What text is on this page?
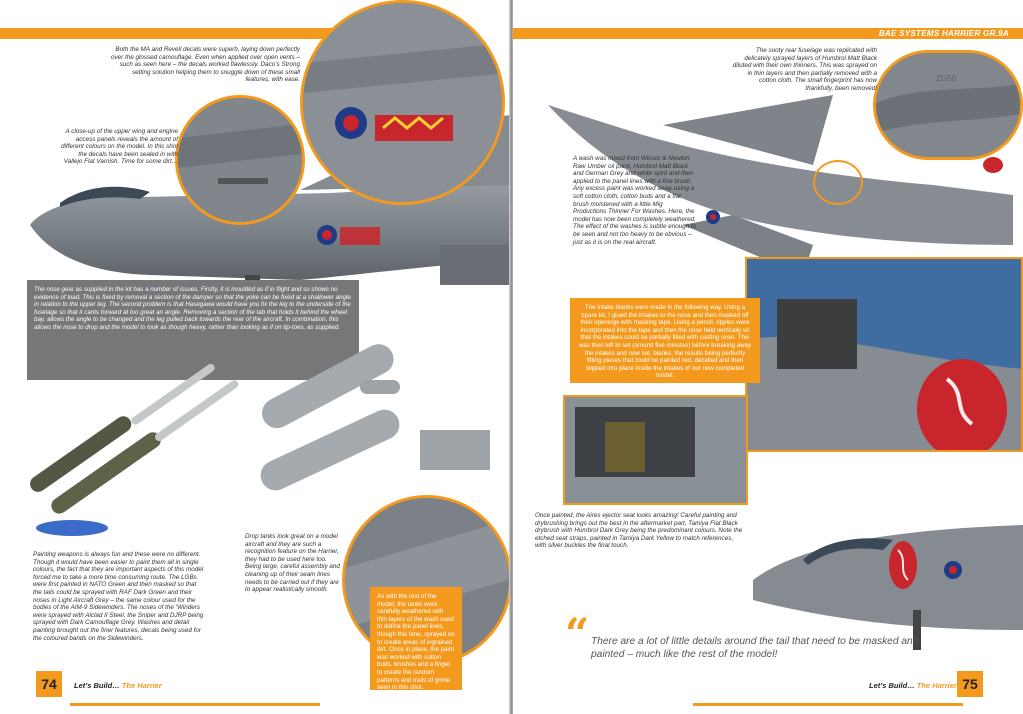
Both the MA and Revell decals were superb, laying down perfectly over the glossed camouflage. Even when applied over open vents – such as seen here – the decals worked flawlessly. Daco’s Strong setting solution helping them to snuggle down of these small features, with ease.

A close-up of the upper wing and engine access panels reveals the amount of different colours on the model. In this shot the decals have been sealed in with Vallejo Flat Varnish. Time for some dirt…

The nose gear as supplied in the kit has a number of issues. Firstly, it is moulded as if in flight and so shows no evidence of load. This is fixed by removal a section of the damper so that the yoke can be fixed at a shallower angle in relation to the upper leg. The second problem is that Hasegawa would have you fix the leg to the underside of the fuselage so that it cants forward at too great an angle. Removing a section of the tab that holds it behind the wheel bay, allows the angle to be changed and the leg pulled back towards the rear of the aircraft. In combination, this allows the nose to drop and the model to look as though heavy, rather than looking as if on tip-toes, as supplied.

Painting weapons is always fun and these were no different. Though it would have been easier to paint them all in single colours, the fact that they are important aspects of this model forced me to take a more time consuming route. The LGBs were first painted in NATO Green and then masked so that the tails could be sprayed with RAF Dark Green and their noses in Light Aircraft Grey – the same colour used for the bodies of the AIM-9 Sidewinders. The noses of the ‘Winders were sprayed with Alclad II Steel, the Sniper and DJRP being sprayed with Dark Camouflage Grey. Washes and detail painting brought out the finer features, decals being used for the coloured bands on the Sidewinders.

Drop tanks look great on a model aircraft and they are such a recognition feature on the Harrier, they had to be used here too. Being large, careful assembly and cleaning up of their seam lines needs to be carried out if they are to appear realistically smooth.

As with the rest of the model, the tanks were carefully weathered with thin layers of the wash used to define the panel lines, though this time, sprayed on to create areas of ingrained dirt. Once in place, the paint was worked with cotton buds, brushes and a finger, to create the random patterns and trails of grime seen in this shot.
74	Let’s Build… The Harrier
BAE SYSTEMS HARRIER GR.9A
ZG50

The sooty rear fuselage was replicated with delicately sprayed layers of Humbrol Matt Black diluted with their own thinners. This was sprayed on in thin layers and then partially removed with a cotton cloth. The small fingerprint has now thankfully, been removed!

A wash was mixed from Winsor & Newton Raw Umber oil paint, Humbrol Matt Black and German Grey and white spirit and then applied to the panel lines with a fine brush. Any excess paint was worked away using a soft cotton cloth, cotton buds and a flat brush moistened with a little Mig Productions Thinner For Washes. Here, the model has now been completely weathered. The effect of the washes is subtle enough to be seen and not too heavy to be obvious – just as it is on the real aircraft.

The intake blanks were made in the following way. Using a spare kit, I glued the intakes to the nose and then masked off their openings with masking tape. Using a pencil, ripples were incorporated into the tape and then the nose held vertically so that the intakes could be partially filled with casting resin. This was then left to set (around five minutes) before breaking away the intakes and now set, blanks, the results being perfectly fitting pieces that could be painted red, decalled and then slipped into place inside the intakes of our now completed model.

Once painted, the Aires ejector seat looks amazing! Careful painting and drybrushing brings out the best in the aftermarket part, Tamiya Flat Black drybrush with Humbrol Dark Grey being the predominant colours. Note the etched seat straps, painted in Tamiya Dark Yellow to match references, with silver buckles the final touch.

“ There are a lot of little details around the tail that need to be masked and painted – much like the rest of the model!

Let’s Build… The Harrier 75
